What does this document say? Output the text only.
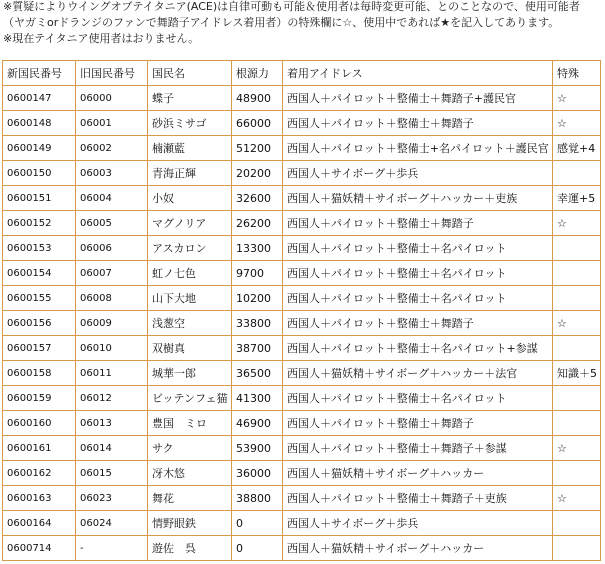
※質疑によりウイングオブテイタニア(ACE)は自律可動も可能＆使用者は毎時変更可能、とのことなので、使用可能者
（ヤガミorドランジのファンで舞踏子アイドレス着用者）の特殊欄に☆、使用中であれば★を記入してあります。
※現在テイタニア使用者はおりません。
新国民番号	旧国民番号	国民名	根源力	着用アイドレス	特殊
0600147	06000	蝶子	48900	西国人＋パイロット＋整備士＋舞踏子+護民官	☆
0600148	06001	砂浜ミサゴ	66000	西国人＋パイロット＋整備士＋舞踏子	☆
0600149	06002	楠瀬藍	51200	西国人＋パイロット＋整備士+名パイロット＋護民官	感覚+4
0600150	06003	青海正輝	20200	西国人＋サイボーグ＋歩兵	
0600151	06004	小奴	32600	西国人＋猫妖精＋サイボーグ＋ハッカー＋吏族	幸運+5
0600152	06005	マグノリア	26200	西国人＋パイロット＋整備士＋舞踏子	☆
0600153	06006	アスカロン	13300	西国人＋パイロット＋整備士＋名パイロット	
0600154	06007	虹ノ七色	9700	西国人＋パイロット＋整備士＋名パイロット	
0600155	06008	山下大地	10200	西国人＋パイロット＋整備士＋名パイロット	
0600156	06009	浅葱空	33800	西国人＋パイロット＋整備士＋舞踏子	☆
0600157	06010	双樹真	38700	西国人＋パイロット＋整備士＋名パイロット+参謀	
0600158	06011	城華一郎	36500	西国人＋猫妖精＋サイボーグ＋ハッカー＋法官	知識＋5
0600159	06012	ビッテンフェ猫	41300	西国人＋パイロット＋整備士＋名パイロット	
0600160	06013	豊国　ミロ	46900	西国人＋パイロット＋整備士＋舞踏子	
0600161	06014	サク	53900	西国人＋パイロット＋整備士＋舞踏子＋参謀	☆
0600162	06015	冴木悠	36000	西国人＋猫妖精＋サイボーグ＋ハッカー	
0600163	06023	舞花	38800	西国人＋パイロット＋整備士＋舞踏子＋吏族	☆
0600164	06024	情野眼鉄	0	西国人＋サイボーグ＋歩兵	
0600714	-	遊佐　呉	0	西国人＋猫妖精＋サイボーグ＋ハッカー	
